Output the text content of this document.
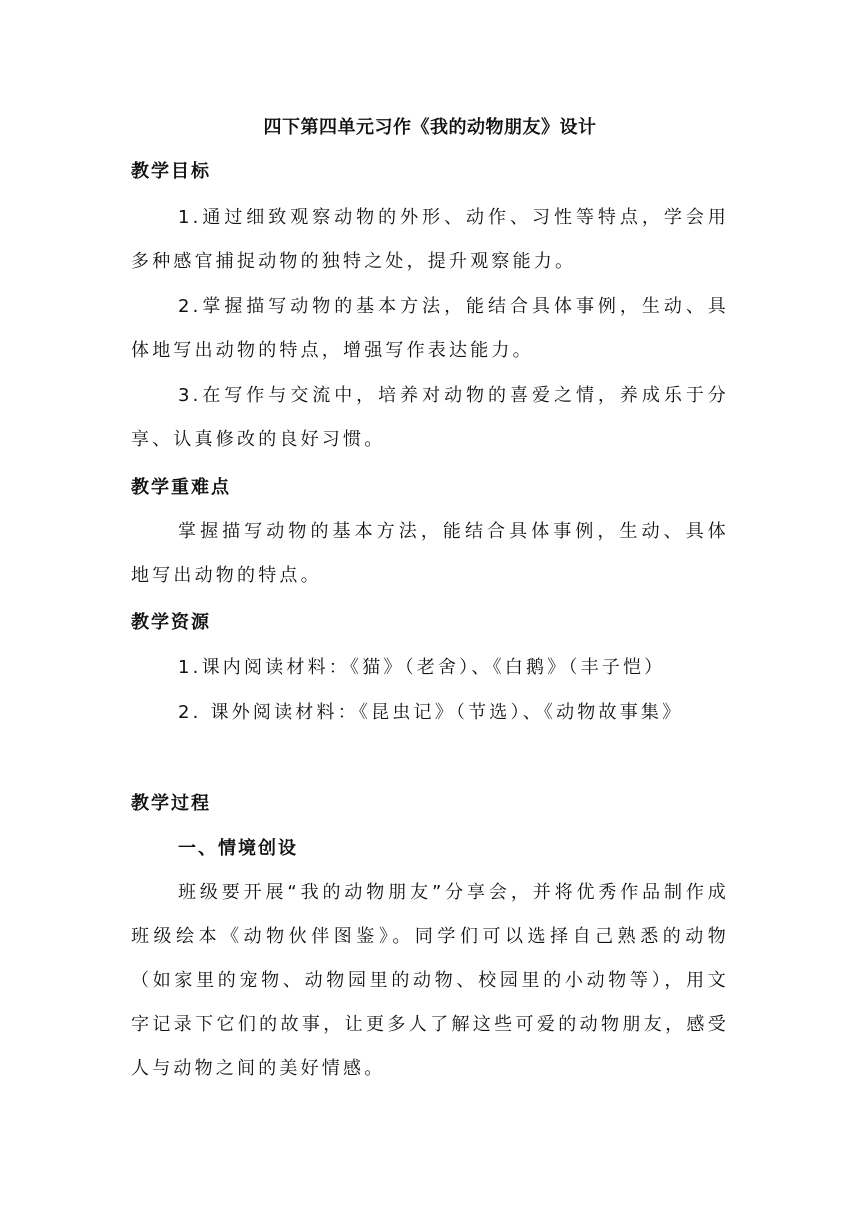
四下第四单元习作《我的动物朋友》设计
教学目标

1.通过细致观察动物的外形、动作、习性等特点，学会用多种感官捕捉动物的独特之处，提升观察能力。

2.掌握描写动物的基本方法，能结合具体事例，生动、具体地写出动物的特点，增强写作表达能力。

3.在写作与交流中，培养对动物的喜爱之情，养成乐于分享、认真修改的良好习惯。

教学重难点

掌握描写动物的基本方法，能结合具体事例，生动、具体地写出动物的特点。

教学资源

1.课内阅读材料：《猫》（老舍）、《白鹅》（丰子恺）

2. 课外阅读材料：《昆虫记》（节选）、《动物故事集》

教学过程
一、情境创设

班级要开展“我的动物朋友”分享会，并将优秀作品制作成班级绘本《动物伙伴图鉴》。同学们可以选择自己熟悉的动物（如家里的宠物、动物园里的动物、校园里的小动物等），用文字记录下它们的故事，让更多人了解这些可爱的动物朋友，感受人与动物之间的美好情感。
